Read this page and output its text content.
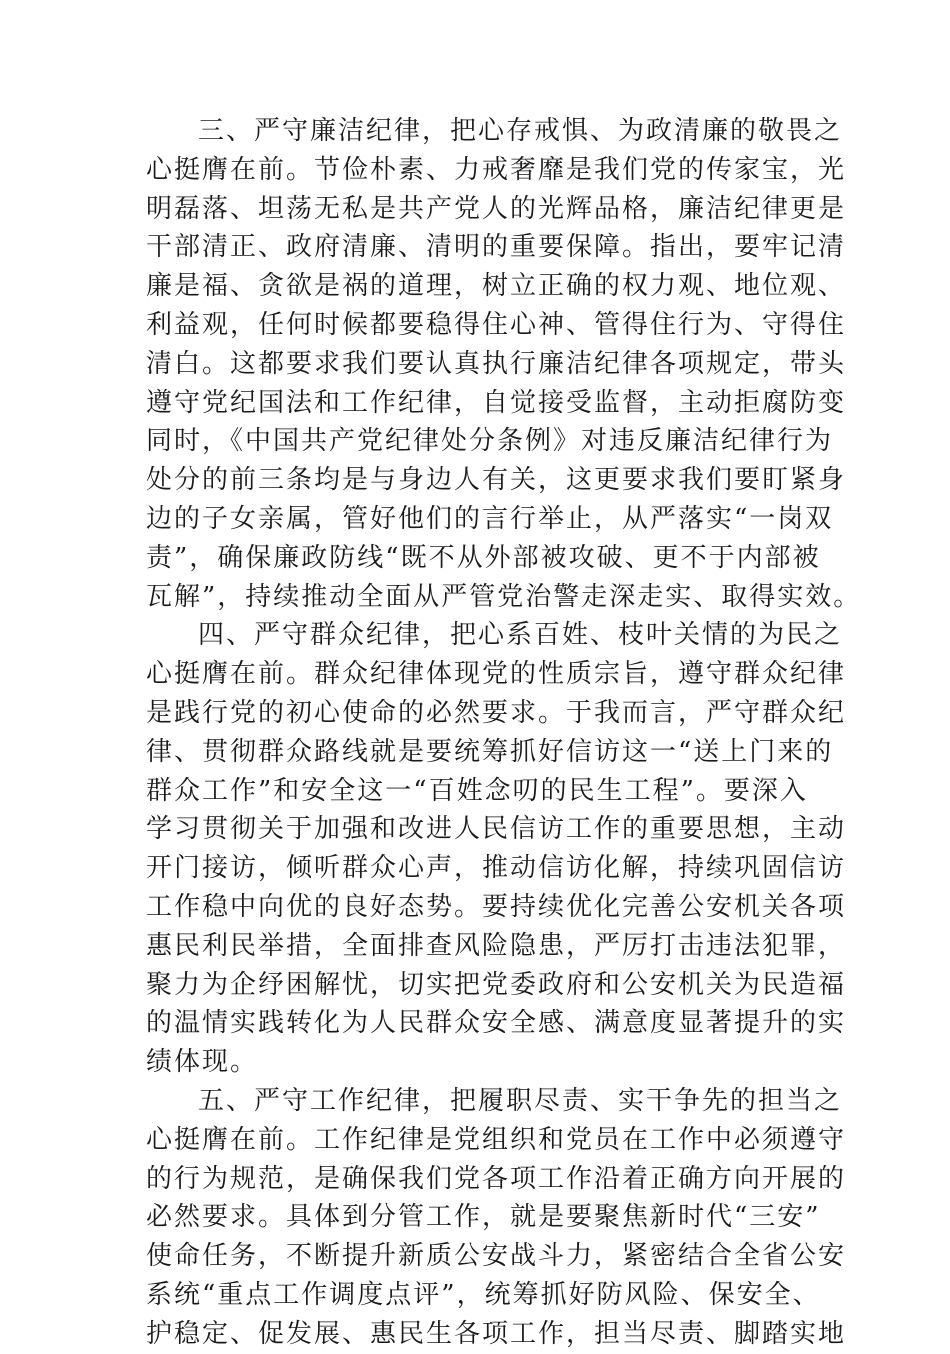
三、严守廉洁纪律，把心存戒惧、为政清廉的敬畏之
心挺膺在前。节俭朴素、力戒奢靡是我们党的传家宝，光
明磊落、坦荡无私是共产党人的光辉品格，廉洁纪律更是
干部清正、政府清廉、清明的重要保障。指出，要牢记清
廉是福、贪欲是祸的道理，树立正确的权力观、地位观、
利益观，任何时候都要稳得住心神、管得住行为、守得住
清白。这都要求我们要认真执行廉洁纪律各项规定，带头
遵守党纪国法和工作纪律，自觉接受监督，主动拒腐防变
同时，《中国共产党纪律处分条例》对违反廉洁纪律行为
处分的前三条均是与身边人有关，这更要求我们要盯紧身
边的子女亲属，管好他们的言行举止，从严落实“一岗双
责”，确保廉政防线“既不从外部被攻破、更不于内部被
瓦解”，持续推动全面从严管党治警走深走实、取得实效。
四、严守群众纪律，把心系百姓、枝叶关情的为民之
心挺膺在前。群众纪律体现党的性质宗旨，遵守群众纪律
是践行党的初心使命的必然要求。于我而言，严守群众纪
律、贯彻群众路线就是要统筹抓好信访这一“送上门来的
群众工作”和安全这一“百姓念叨的民生工程”。要深入
学习贯彻关于加强和改进人民信访工作的重要思想，主动
开门接访，倾听群众心声，推动信访化解，持续巩固信访
工作稳中向优的良好态势。要持续优化完善公安机关各项
惠民利民举措，全面排查风险隐患，严厉打击违法犯罪，
聚力为企纾困解忧，切实把党委政府和公安机关为民造福
的温情实践转化为人民群众安全感、满意度显著提升的实
绩体现。
五、严守工作纪律，把履职尽责、实干争先的担当之
心挺膺在前。工作纪律是党组织和党员在工作中必须遵守
的行为规范，是确保我们党各项工作沿着正确方向开展的
必然要求。具体到分管工作，就是要聚焦新时代“三安”
使命任务，不断提升新质公安战斗力，紧密结合全省公安
系统“重点工作调度点评”，统筹抓好防风险、保安全、
护稳定、促发展、惠民生各项工作，担当尽责、脚踏实地
